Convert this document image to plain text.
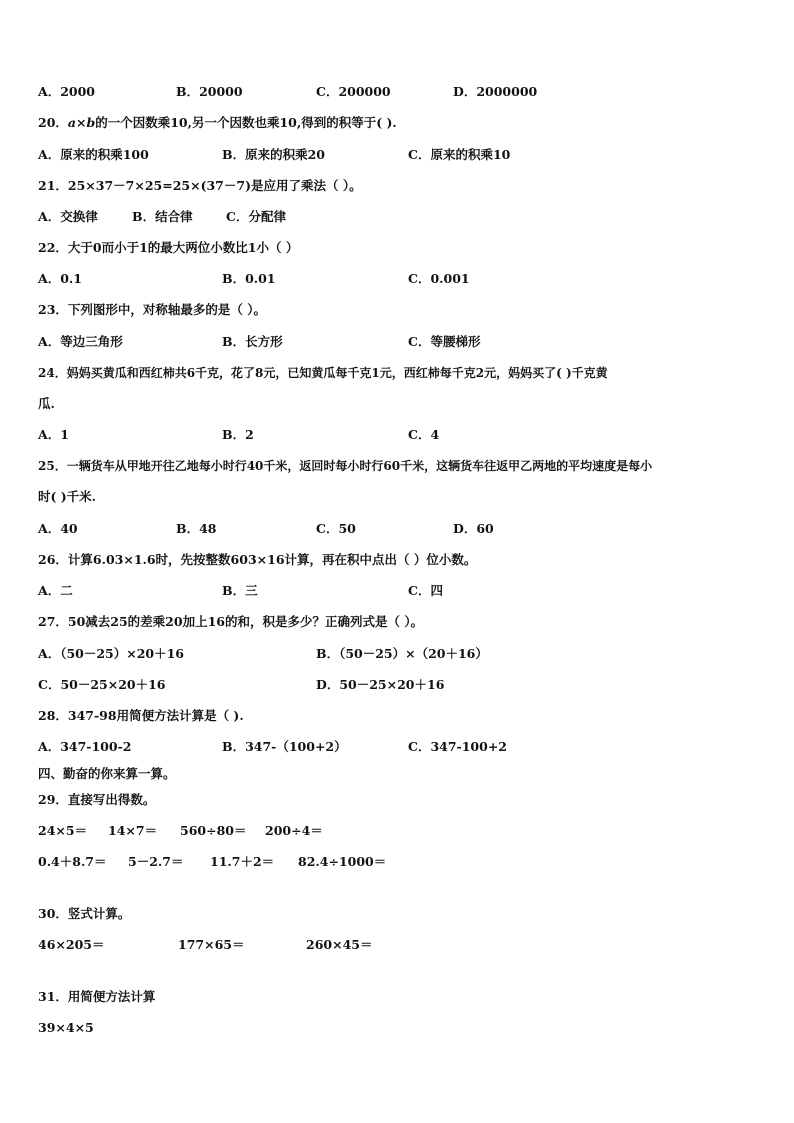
A．2000	B．20000	C．200000	D．2000000
20．a×b的一个因数乘10,另一个因数也乘10,得到的积等于( ).
A．原来的积乘100	B．原来的积乘20	C．原来的积乘10
21．25×37－7×25=25×(37－7)是应用了乘法（ ）。
A．交换律	B．结合律	C．分配律
22．大于0而小于1的最大两位小数比1小（ ）
A．0.1	B．0.01	C．0.001
23．下列图形中，对称轴最多的是（ ）。
A．等边三角形	B．长方形	C．等腰梯形
24．妈妈买黄瓜和西红柿共6千克，花了8元，已知黄瓜每千克1元，西红柿每千克2元，妈妈买了( )千克黄
瓜.
A．1	B．2	C．4
25．一辆货车从甲地开往乙地每小时行40千米，返回时每小时行60千米，这辆货车往返甲乙两地的平均速度是每小
时( )千米.
A．40	B．48	C．50	D．60
26．计算6.03×1.6时，先按整数603×16计算，再在积中点出（ ）位小数。
A．二	B．三	C．四
27．50减去25的差乘20加上16的和，积是多少？正确列式是（ ）。
A．（50－25）×20＋16	B．（50－25）×（20＋16）
C．50－25×20＋16	D．50－25×20＋16
28．347-98用简便方法计算是（ ).
A．347-100-2	B．347-（100+2）	C．347-100+2
四、勤奋的你来算一算。
29．直接写出得数。
24×5＝ 14×7＝ 560÷80＝ 200÷4＝
0.4＋8.7＝ 5－2.7＝ 11.7＋2＝ 82.4÷1000＝
30．竖式计算。
46×205＝	177×65＝	260×45＝
31．用简便方法计算
39×4×5
